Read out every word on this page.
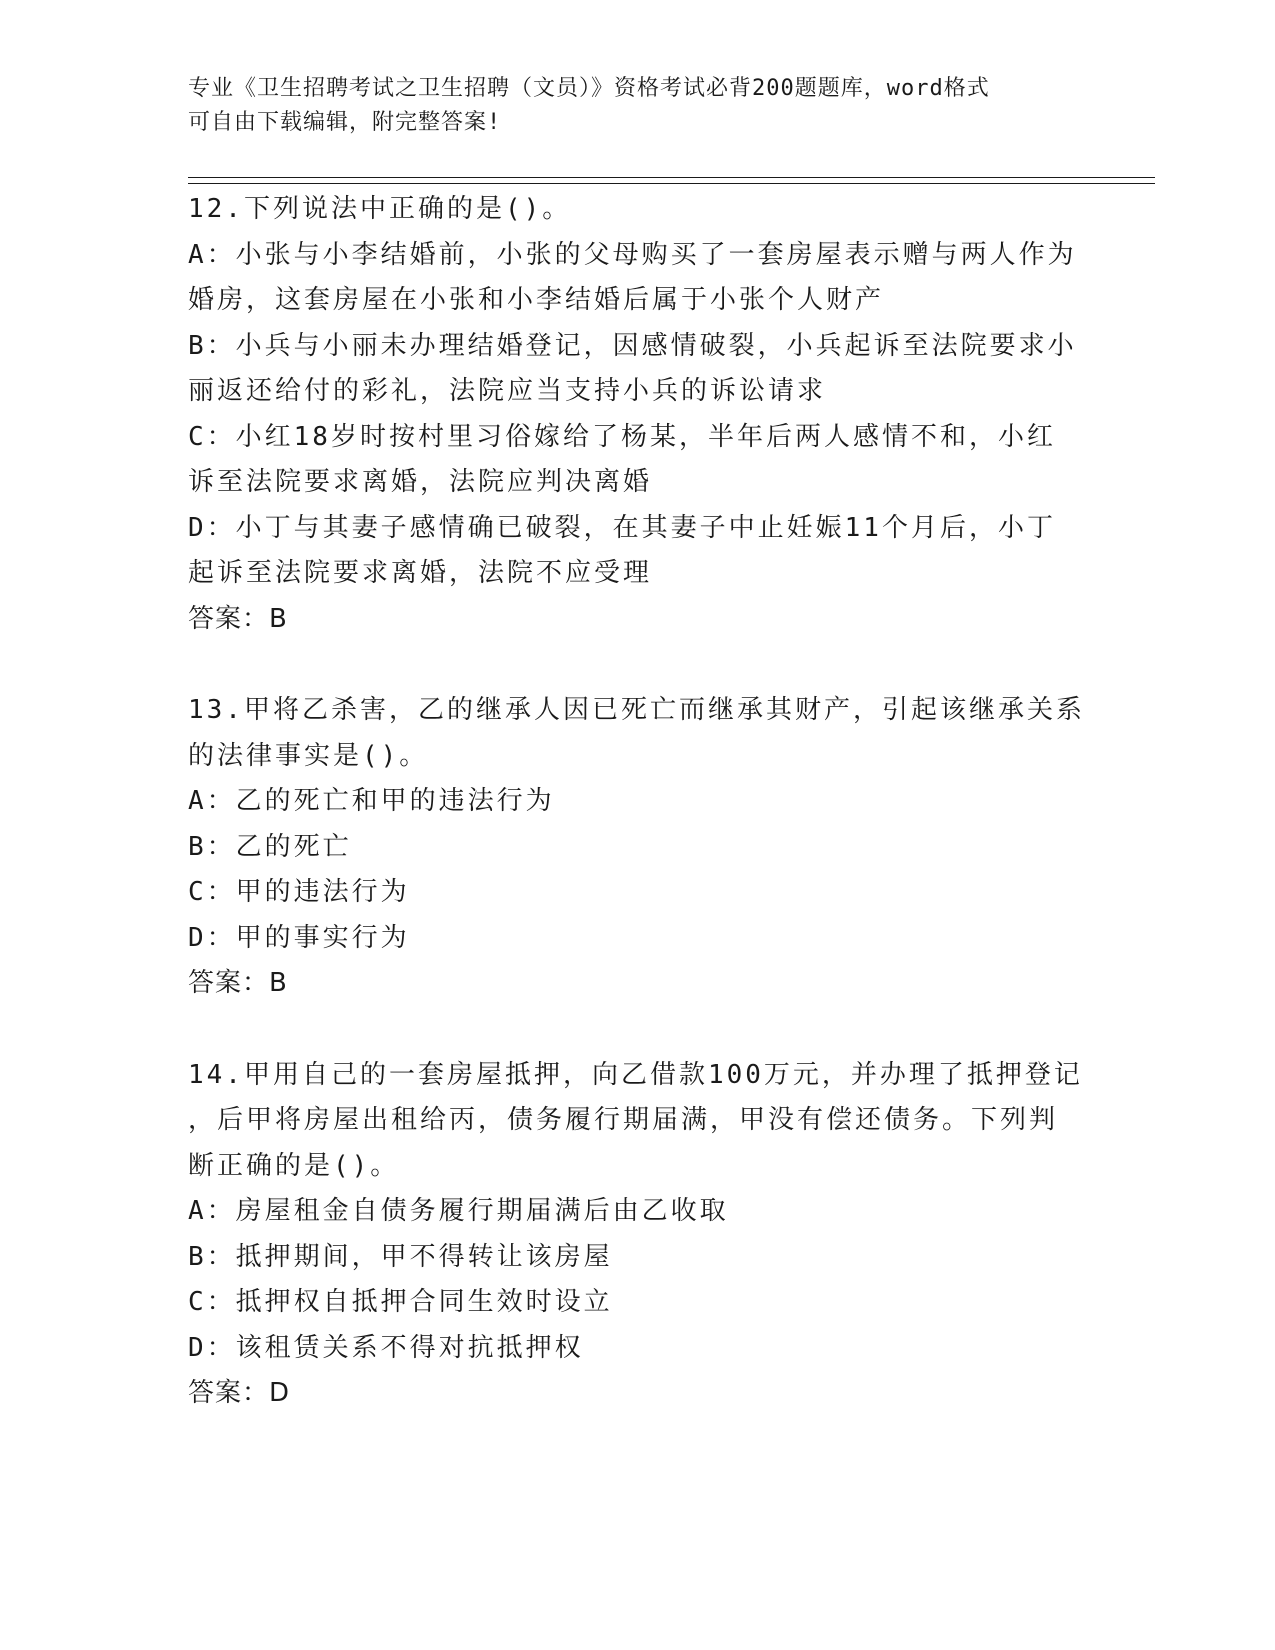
专业《卫生招聘考试之卫生招聘（文员）》资格考试必背200题题库，word格式
可自由下载编辑，附完整答案!
12.下列说法中正确的是()。
A：小张与小李结婚前，小张的父母购买了一套房屋表示赠与两人作为
婚房，这套房屋在小张和小李结婚后属于小张个人财产
B：小兵与小丽未办理结婚登记，因感情破裂，小兵起诉至法院要求小
丽返还给付的彩礼，法院应当支持小兵的诉讼请求
C：小红18岁时按村里习俗嫁给了杨某，半年后两人感情不和，小红
诉至法院要求离婚，法院应判决离婚
D：小丁与其妻子感情确已破裂，在其妻子中止妊娠11个月后，小丁
起诉至法院要求离婚，法院不应受理
答案：B
13.甲将乙杀害，乙的继承人因已死亡而继承其财产，引起该继承关系
的法律事实是()。
A：乙的死亡和甲的违法行为
B：乙的死亡
C：甲的违法行为
D：甲的事实行为
答案：B
14.甲用自己的一套房屋抵押，向乙借款100万元，并办理了抵押登记
，后甲将房屋出租给丙，债务履行期届满，甲没有偿还债务。下列判
断正确的是()。
A：房屋租金自债务履行期届满后由乙收取
B：抵押期间，甲不得转让该房屋
C：抵押权自抵押合同生效时设立
D：该租赁关系不得对抗抵押权
答案：D
